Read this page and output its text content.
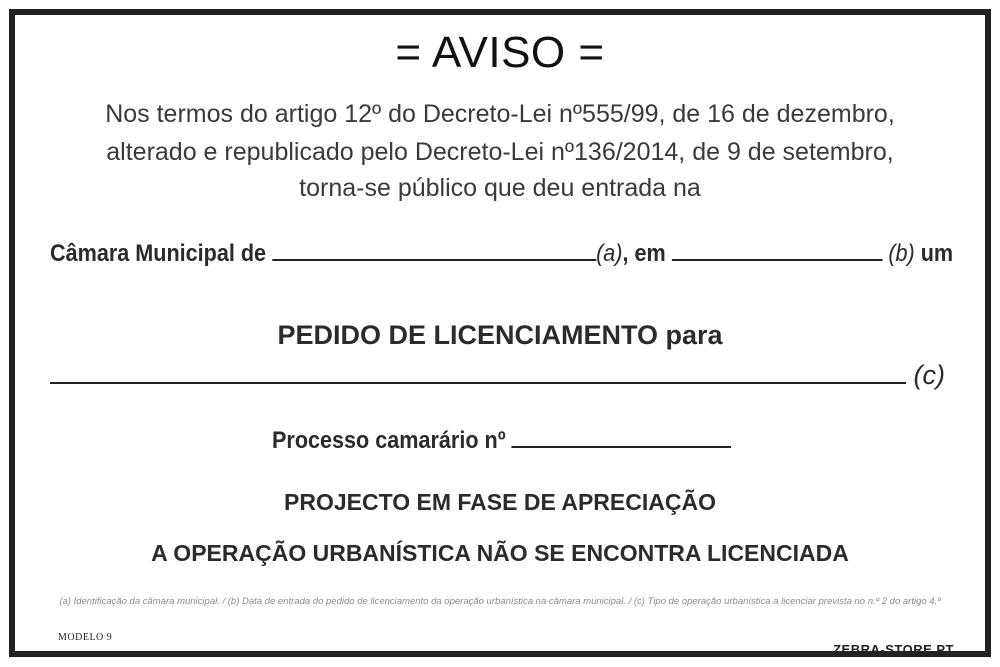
= AVISO =
Nos termos do artigo 12º do Decreto-Lei nº555/99, de 16 de dezembro,
alterado e republicado pelo Decreto-Lei nº136/2014, de 9 de setembro,
torna-se público que deu entrada na
Câmara Municipal de	(a), em	(b) um
PEDIDO DE LICENCIAMENTO para
(c)
Processo camarário nº
PROJECTO EM FASE DE APRECIAÇÃO
A OPERAÇÃO URBANÍSTICA NÃO SE ENCONTRA LICENCIADA
(a) Identificação da câmara municipal. / (b) Data de entrada do pedido de licenciamento da operação urbanística na câmara municipal. / (c) Tipo de operação urbanística a licenciar prevista no n.º 2 do artigo 4.º
MODELO 9
ZEBRA-STORE.PT
